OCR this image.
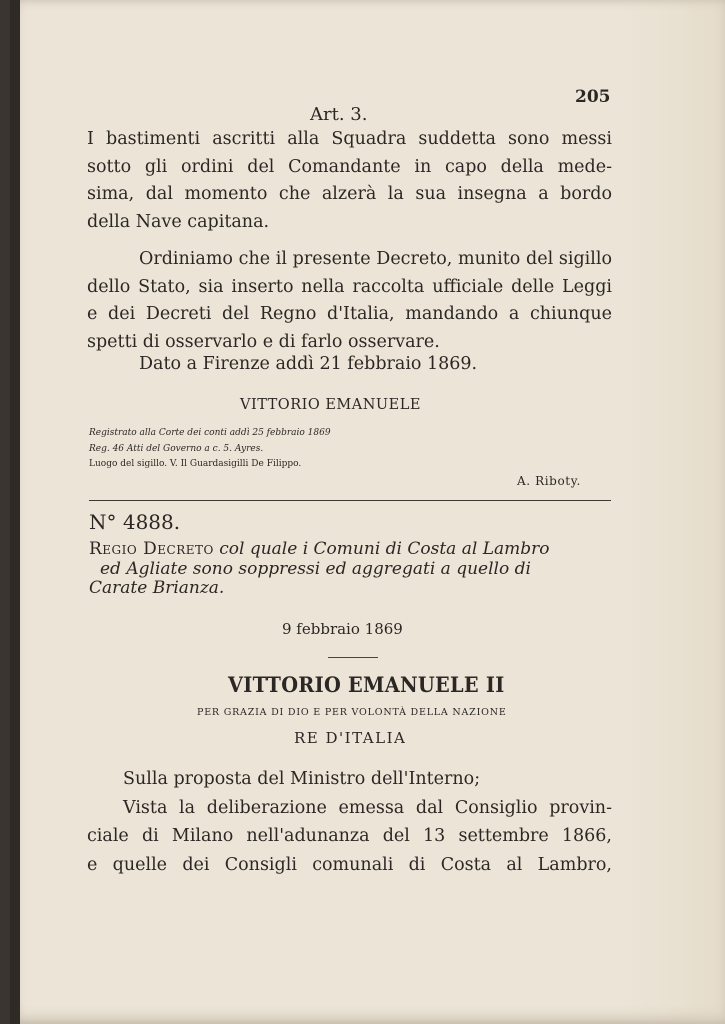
205

Art. 3.

I bastimenti ascritti alla Squadra suddetta sono messi
sotto gli ordini del Comandante in capo della mede-
sima, dal momento che alzerà la sua insegna a bordo
della Nave capitana.

Ordiniamo che il presente Decreto, munito del sigillo
dello Stato, sia inserto nella raccolta ufficiale delle Leggi
e dei Decreti del Regno d'Italia, mandando a chiunque
spetti di osservarlo e di farlo osservare.

Dato a Firenze addì 21 febbraio 1869.

VITTORIO EMANUELE

Registrato alla Corte dei conti addì 25 febbraio 1869

Reg. 46 Atti del Governo a c. 5. Ayres.

Luogo del sigillo. V. Il Guardasigilli De Filippo.

A. Riboty.

N° 4888.

Regio Decreto col quale i Comuni di Costa al Lambro
ed Agliate sono soppressi ed aggregati a quello di
Carate Brianza.

9 febbraio 1869

VITTORIO EMANUELE II

PER GRAZIA DI DIO E PER VOLONTÀ DELLA NAZIONE

RE D'ITALIA

Sulla proposta del Ministro dell'Interno;
Vista la deliberazione emessa dal Consiglio provin-
ciale di Milano nell'adunanza del 13 settembre 1866,
e quelle dei Consigli comunali di Costa al Lambro,
